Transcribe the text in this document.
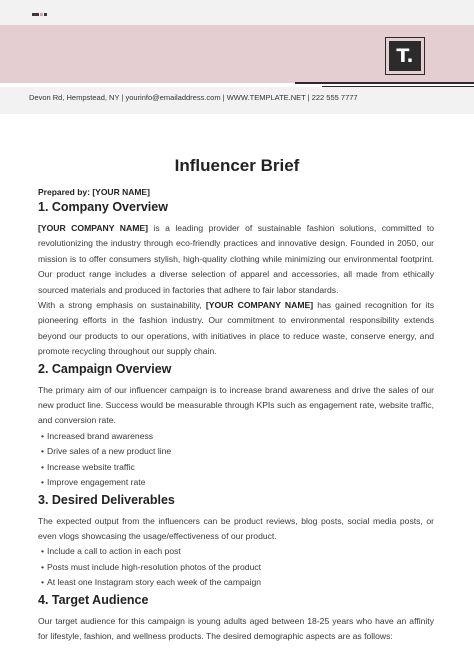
T.
Devon Rd, Hempstead, NY | yourinfo@emailaddress.com | WWW.TEMPLATE.NET | 222 555 7777
Influencer Brief

Prepared by: [YOUR NAME]

1. Company Overview

[YOUR COMPANY NAME] is a leading provider of sustainable fashion solutions, committed to revolutionizing the industry through eco-friendly practices and innovative design. Founded in 2050, our mission is to offer consumers stylish, high-quality clothing while minimizing our environmental footprint. Our product range includes a diverse selection of apparel and accessories, all made from ethically sourced materials and produced in factories that adhere to fair labor standards.

With a strong emphasis on sustainability, [YOUR COMPANY NAME] has gained recognition for its pioneering efforts in the fashion industry. Our commitment to environmental responsibility extends beyond our products to our operations, with initiatives in place to reduce waste, conserve energy, and promote recycling throughout our supply chain.

2. Campaign Overview

The primary aim of our influencer campaign is to increase brand awareness and drive the sales of our new product line. Success would be measurable through KPIs such as engagement rate, website traffic, and conversion rate.

• Increased brand awareness
• Drive sales of a new product line
• Increase website traffic
• Improve engagement rate
3. Desired Deliverables

The expected output from the influencers can be product reviews, blog posts, social media posts, or even vlogs showcasing the usage/effectiveness of our product.

• Include a call to action in each post
• Posts must include high-resolution photos of the product
• At least one Instagram story each week of the campaign
4. Target Audience

Our target audience for this campaign is young adults aged between 18-25 years who have an affinity for lifestyle, fashion, and wellness products. The desired demographic aspects are as follows:
